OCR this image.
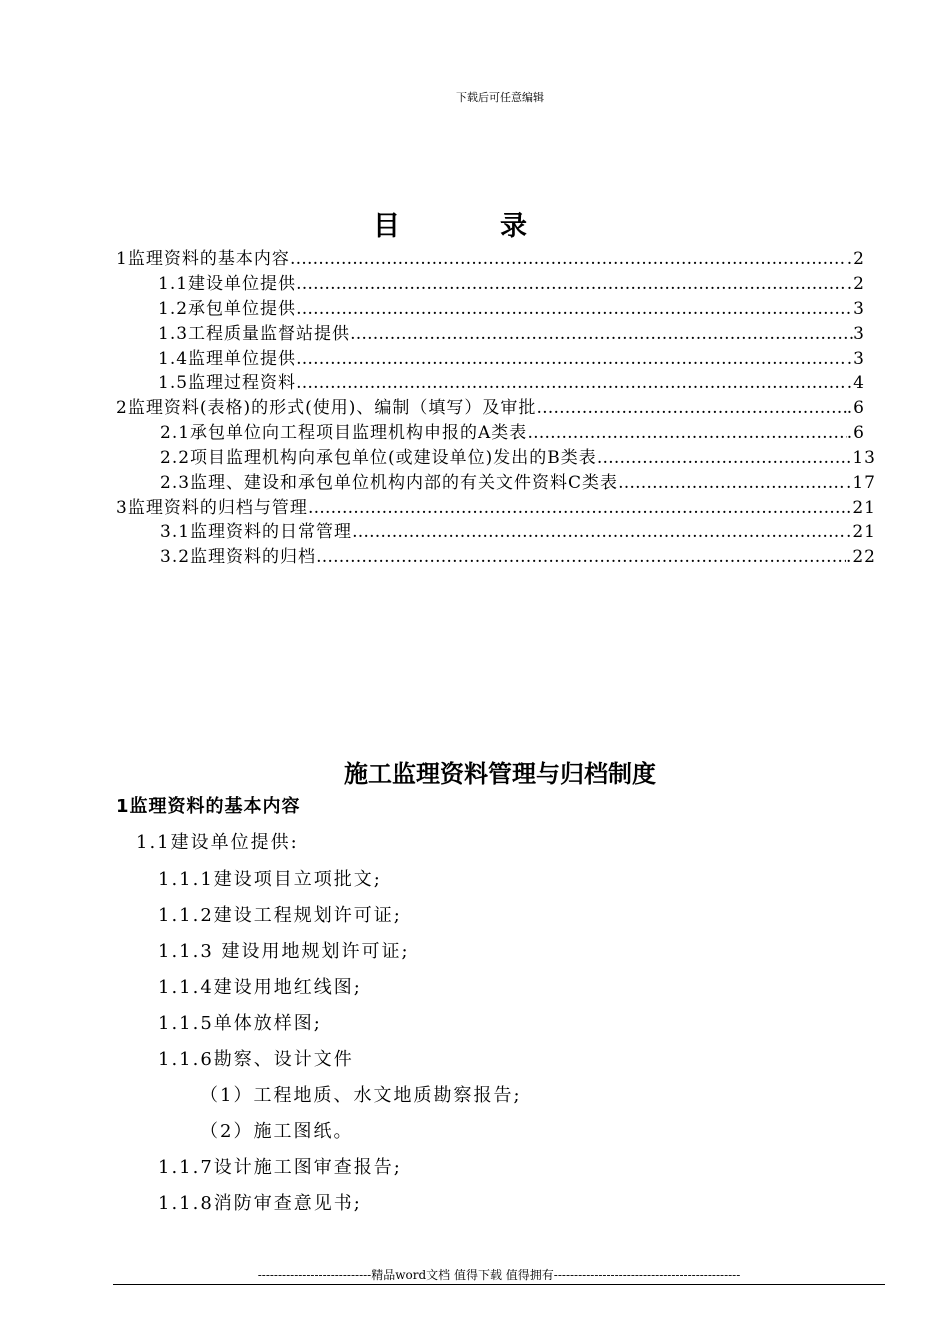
下载后可任意编辑
目录
1监理资料的基本内容 ………………………………………………………………………………………………………………………………………………………………………………	.2
1.1建设单位提供 ………………………………………………………………………………………………………………………………………………………………………………	.2
1.2承包单位提供 ………………………………………………………………………………………………………………………………………………………………………………	3
1.3工程质量监督站提供 ………………………………………………………………………………………………………………………………………………………………………………	3
1.4监理单位提供 ………………………………………………………………………………………………………………………………………………………………………………	.3
1.5监理过程资料 ………………………………………………………………………………………………………………………………………………………………………………	.4
2监理资料(表格)的形式(使用)、编制（填写）及审批 ………………………………………………………………………………………………………………………………………………………………………………	.6
2.1承包单位向工程项目监理机构申报的A类表 ………………………………………………………………………………………………………………………………………………………………………………	.6
2.2项目监理机构向承包单位(或建设单位)发出的B类表 ………………………………………………………………………………………………………………………………………………………………………………	.13
2.3监理、建设和承包单位机构内部的有关文件资料C类表 ………………………………………………………………………………………………………………………………………………………………………………	.17
3监理资料的归档与管理 ………………………………………………………………………………………………………………………………………………………………………………	.21
3.1监理资料的日常管理 ………………………………………………………………………………………………………………………………………………………………………………	.21
3.2监理资料的归档 ………………………………………………………………………………………………………………………………………………………………………………	.22
施工监理资料管理与归档制度
1监理资料的基本内容
1.1建设单位提供:
1.1.1建设项目立项批文;
1.1.2建设工程规划许可证;
1.1.3 建设用地规划许可证;
1.1.4建设用地红线图;
1.1.5单体放样图;
1.1.6勘察、设计文件
（1）工程地质、水文地质勘察报告;
（2）施工图纸。
1.1.7设计施工图审查报告;
1.1.8消防审查意见书;
----------------------------精品word文档 值得下载 值得拥有----------------------------------------------
